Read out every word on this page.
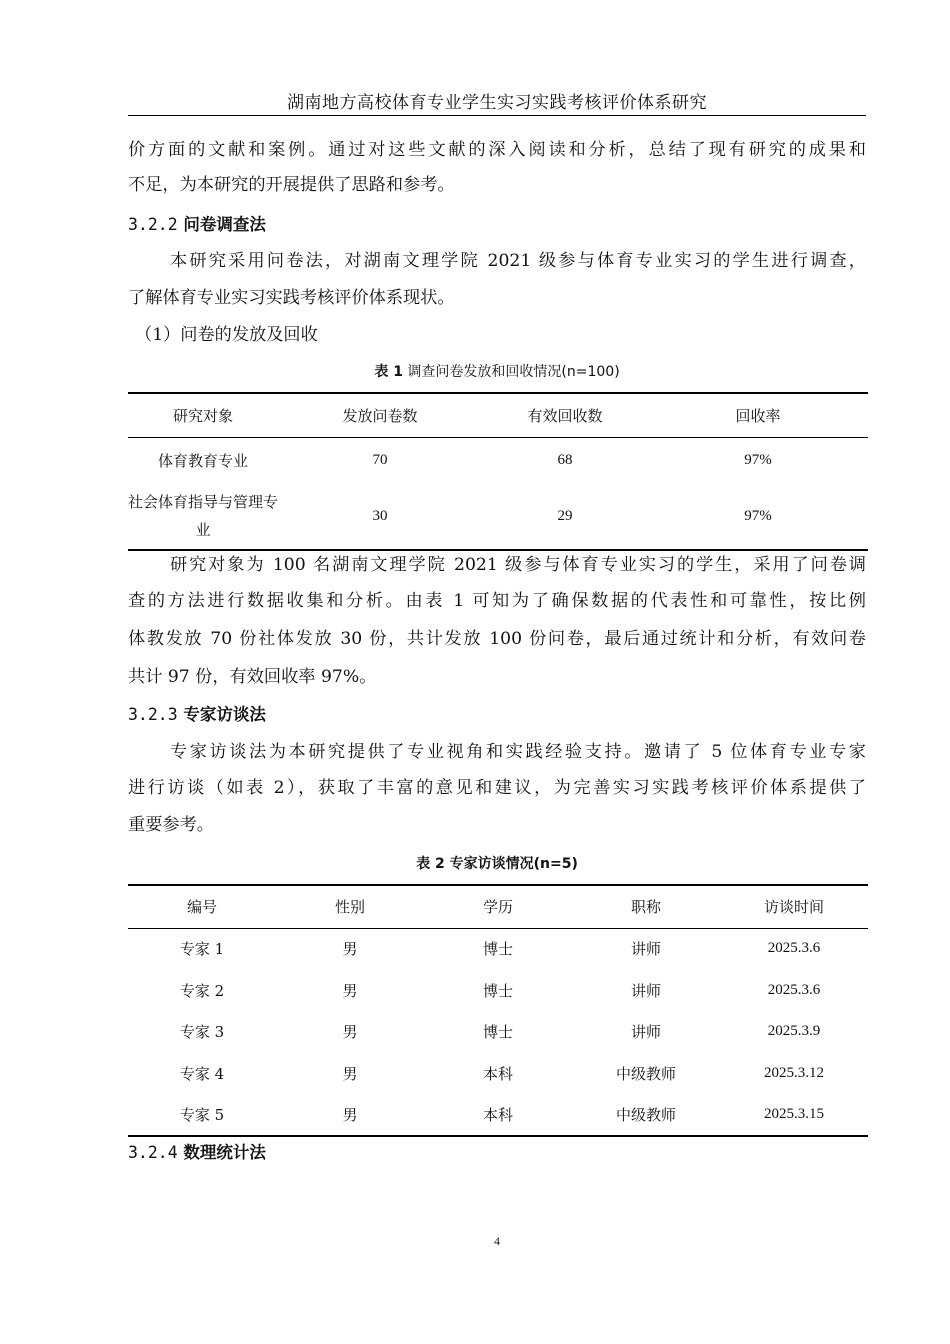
湖南地方高校体育专业学生实习实践考核评价体系研究
价方面的文献和案例。通过对这些文献的深入阅读和分析，总结了现有研究的成果和
不足，为本研究的开展提供了思路和参考。
3.2.2 问卷调查法
本研究采用问卷法，对湖南文理学院 2021 级参与体育专业实习的学生进行调查，
了解体育专业实习实践考核评价体系现状。
（1）问卷的发放及回收
表 1 调查问卷发放和回收情况(n=100)
研究对象	发放问卷数	有效回收数	回收率
体育教育专业	70	68	97%

社会体育指导与管理专
业	30	29	97%
研究对象为 100 名湖南文理学院 2021 级参与体育专业实习的学生，采用了问卷调
查的方法进行数据收集和分析。由表 1 可知为了确保数据的代表性和可靠性，按比例
体教发放 70 份社体发放 30 份，共计发放 100 份问卷，最后通过统计和分析，有效问卷
共计 97 份，有效回收率 97%。
3.2.3 专家访谈法
专家访谈法为本研究提供了专业视角和实践经验支持。邀请了 5 位体育专业专家
进行访谈（如表 2），获取了丰富的意见和建议，为完善实习实践考核评价体系提供了
重要参考。
表 2 专家访谈情况(n=5)
编号	性别	学历	职称	访谈时间
专家 1	男	博士	讲师	2025.3.6
专家 2	男	博士	讲师	2025.3.6
专家 3	男	博士	讲师	2025.3.9
专家 4	男	本科	中级教师	2025.3.12
专家 5	男	本科	中级教师	2025.3.15
3.2.4 数理统计法
4
